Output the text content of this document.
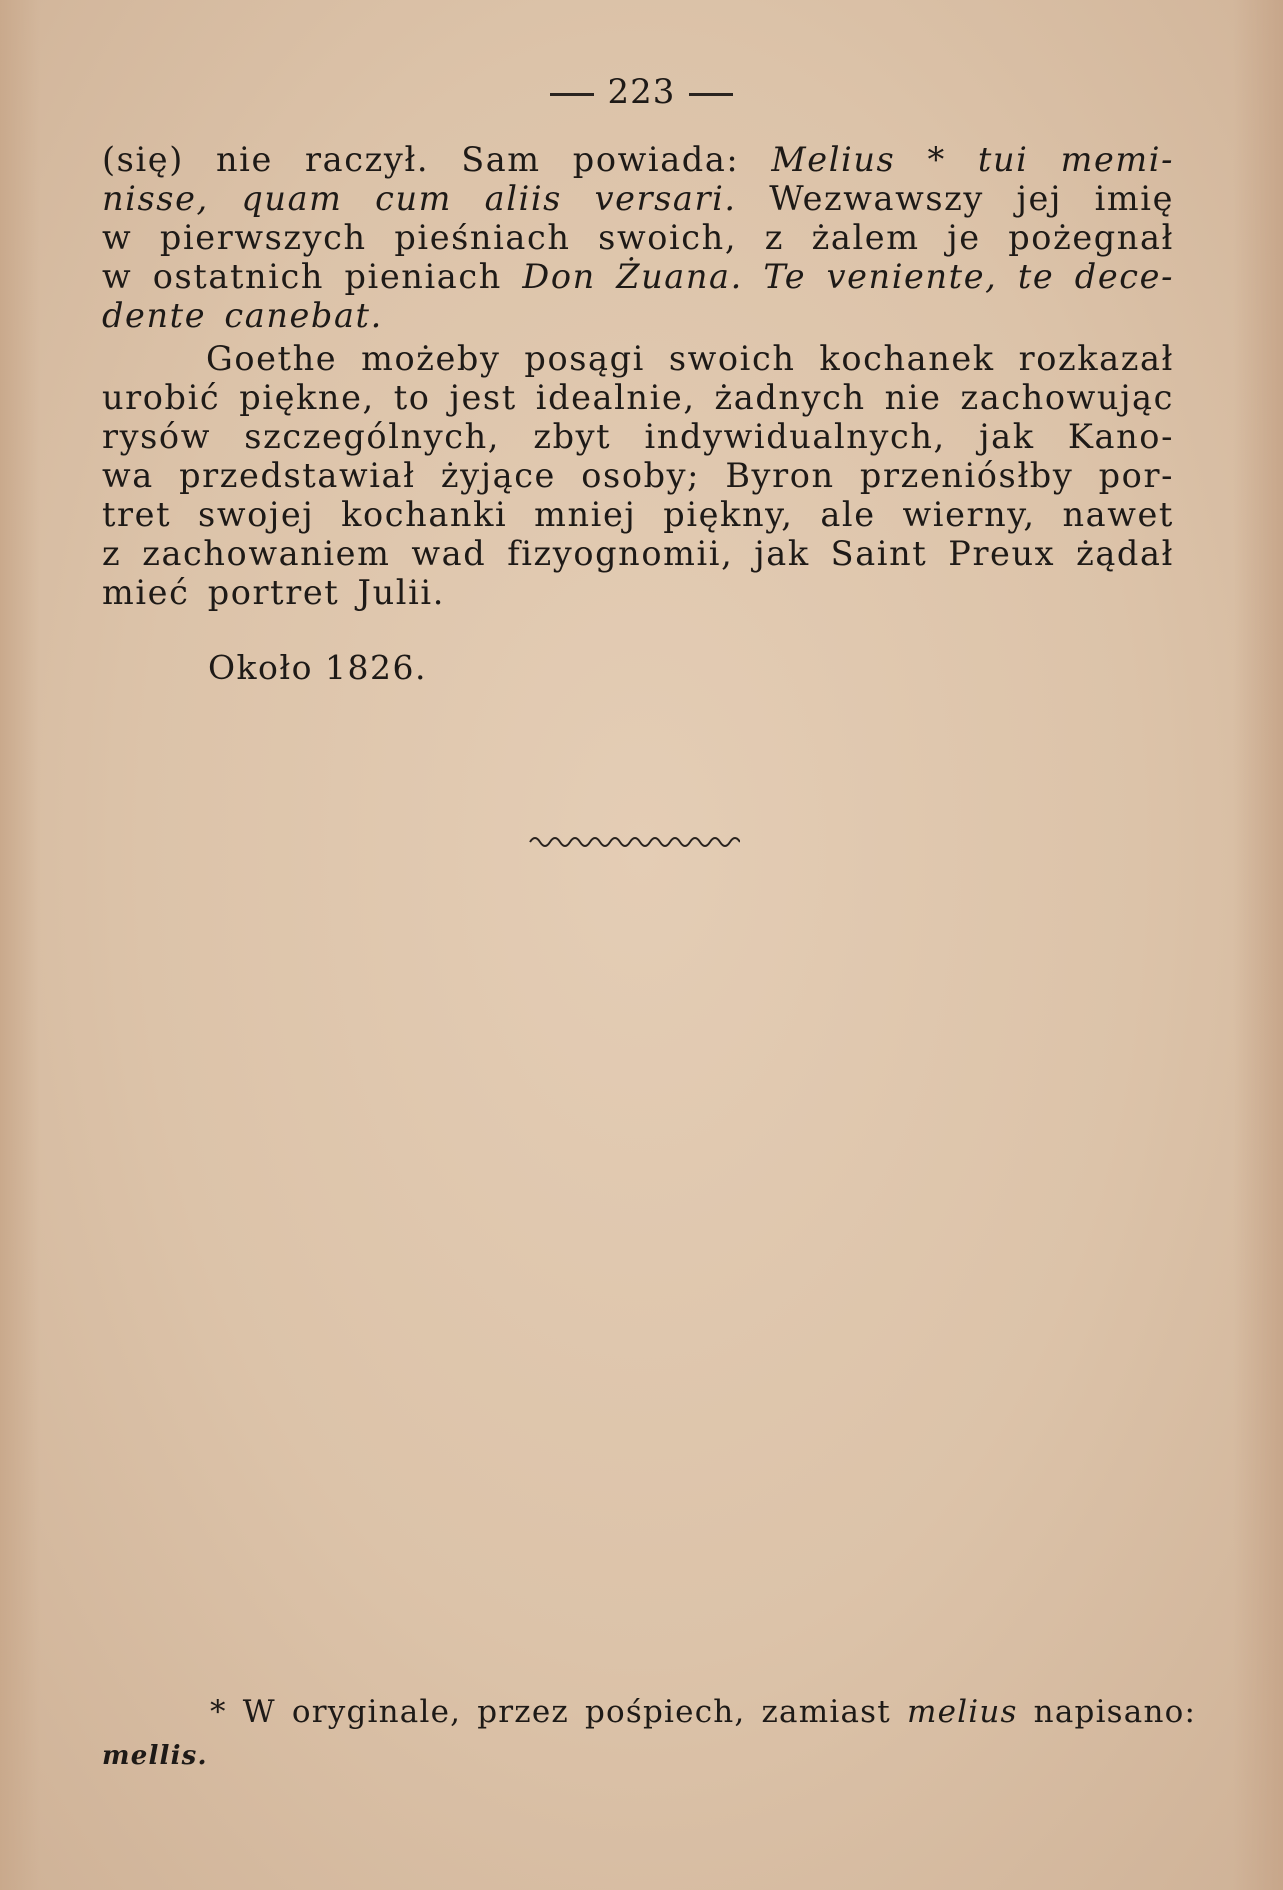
223
(się) nie raczył. Sam powiada: Melius * tui memi-
nisse, quam cum aliis versari. Wezwawszy jej imię
w pierwszych pieśniach swoich, z żalem je pożegnał
w ostatnich pieniach Don Żuana. Te veniente, te dece-
dente canebat.
Goethe możeby posągi swoich kochanek rozkazał
urobić piękne, to jest idealnie, żadnych nie zachowując
rysów szczególnych, zbyt indywidualnych, jak Kano-
wa przedstawiał żyjące osoby; Byron przeniósłby por-
tret swojej kochanki mniej piękny, ale wierny, nawet
z zachowaniem wad fizyognomii, jak Saint Preux żądał
mieć portret Julii.
Około 1826.
* W oryginale, przez pośpiech, zamiast melius napisano:
mellis.
